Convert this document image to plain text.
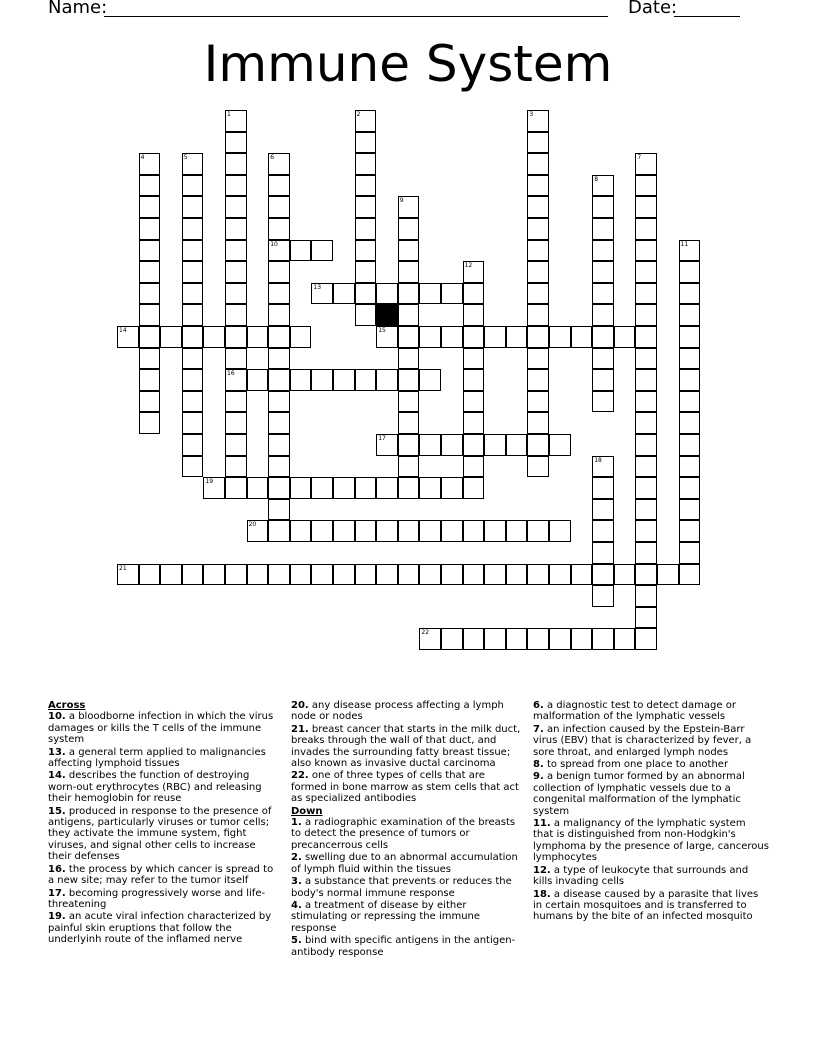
Name:	Date:
Immune System
1
16
2	3
4	5	6
10
7
8
9
11
12
13
14	15
17
18
19
20
21
22
Across
10. a bloodborne infection in which the virus damages or kills the T cells of the immune system
13. a general term applied to malignancies affecting lymphoid tissues
14. describes the function of destroying worn-out erythrocytes (RBC) and releasing their hemoglobin for reuse
15. produced in response to the presence of antigens, particularly viruses or tumor cells; they activate the immune system, fight viruses, and signal other cells to increase their defenses
16. the process by which cancer is spread to a new site; may refer to the tumor itself
17. becoming progressively worse and life-threatening
19. an acute viral infection characterized by painful skin eruptions that follow the underlyinh route of the inflamed nerve
20. any disease process affecting a lymph node or nodes
21. breast cancer that starts in the milk duct, breaks through the wall of that duct, and invades the surrounding fatty breast tissue; also known as invasive ductal carcinoma
22. one of three types of cells that are formed in bone marrow as stem cells that act as specialized antibodies
Down
1. a radiographic examination of the breasts to detect the presence of tumors or precancerrous cells
2. swelling due to an abnormal accumulation of lymph fluid within the tissues
3. a substance that prevents or reduces the body's normal immune response
4. a treatment of disease by either stimulating or repressing the immune response
5. bind with specific antigens in the antigen-antibody response
6. a diagnostic test to detect damage or malformation of the lymphatic vessels
7. an infection caused by the Epstein-Barr virus (EBV) that is characterized by fever, a sore throat, and enlarged lymph nodes
8. to spread from one place to another
9. a benign tumor formed by an abnormal collection of lymphatic vessels due to a congenital malformation of the lymphatic system
11. a malignancy of the lymphatic system that is distinguished from non-Hodgkin's lymphoma by the presence of large, cancerous lymphocytes
12. a type of leukocyte that surrounds and kills invading cells
18. a disease caused by a parasite that lives in certain mosquitoes and is transferred to humans by the bite of an infected mosquito
